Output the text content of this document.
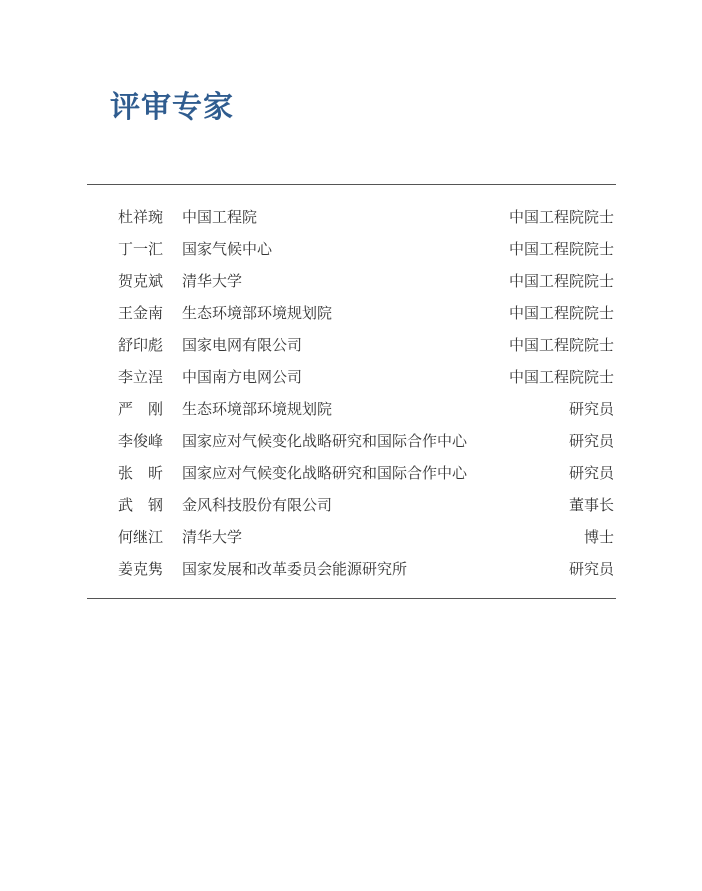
评审专家
杜祥琬	中国工程院	中国工程院院士
丁一汇	国家气候中心	中国工程院院士
贺克斌	清华大学	中国工程院院士
王金南	生态环境部环境规划院	中国工程院院士
舒印彪	国家电网有限公司	中国工程院院士
李立浧	中国南方电网公司	中国工程院院士
严　刚	生态环境部环境规划院	研究员
李俊峰	国家应对气候变化战略研究和国际合作中心	研究员
张　昕	国家应对气候变化战略研究和国际合作中心	研究员
武　钢	金风科技股份有限公司	董事长
何继江	清华大学	博士
姜克隽	国家发展和改革委员会能源研究所	研究员
